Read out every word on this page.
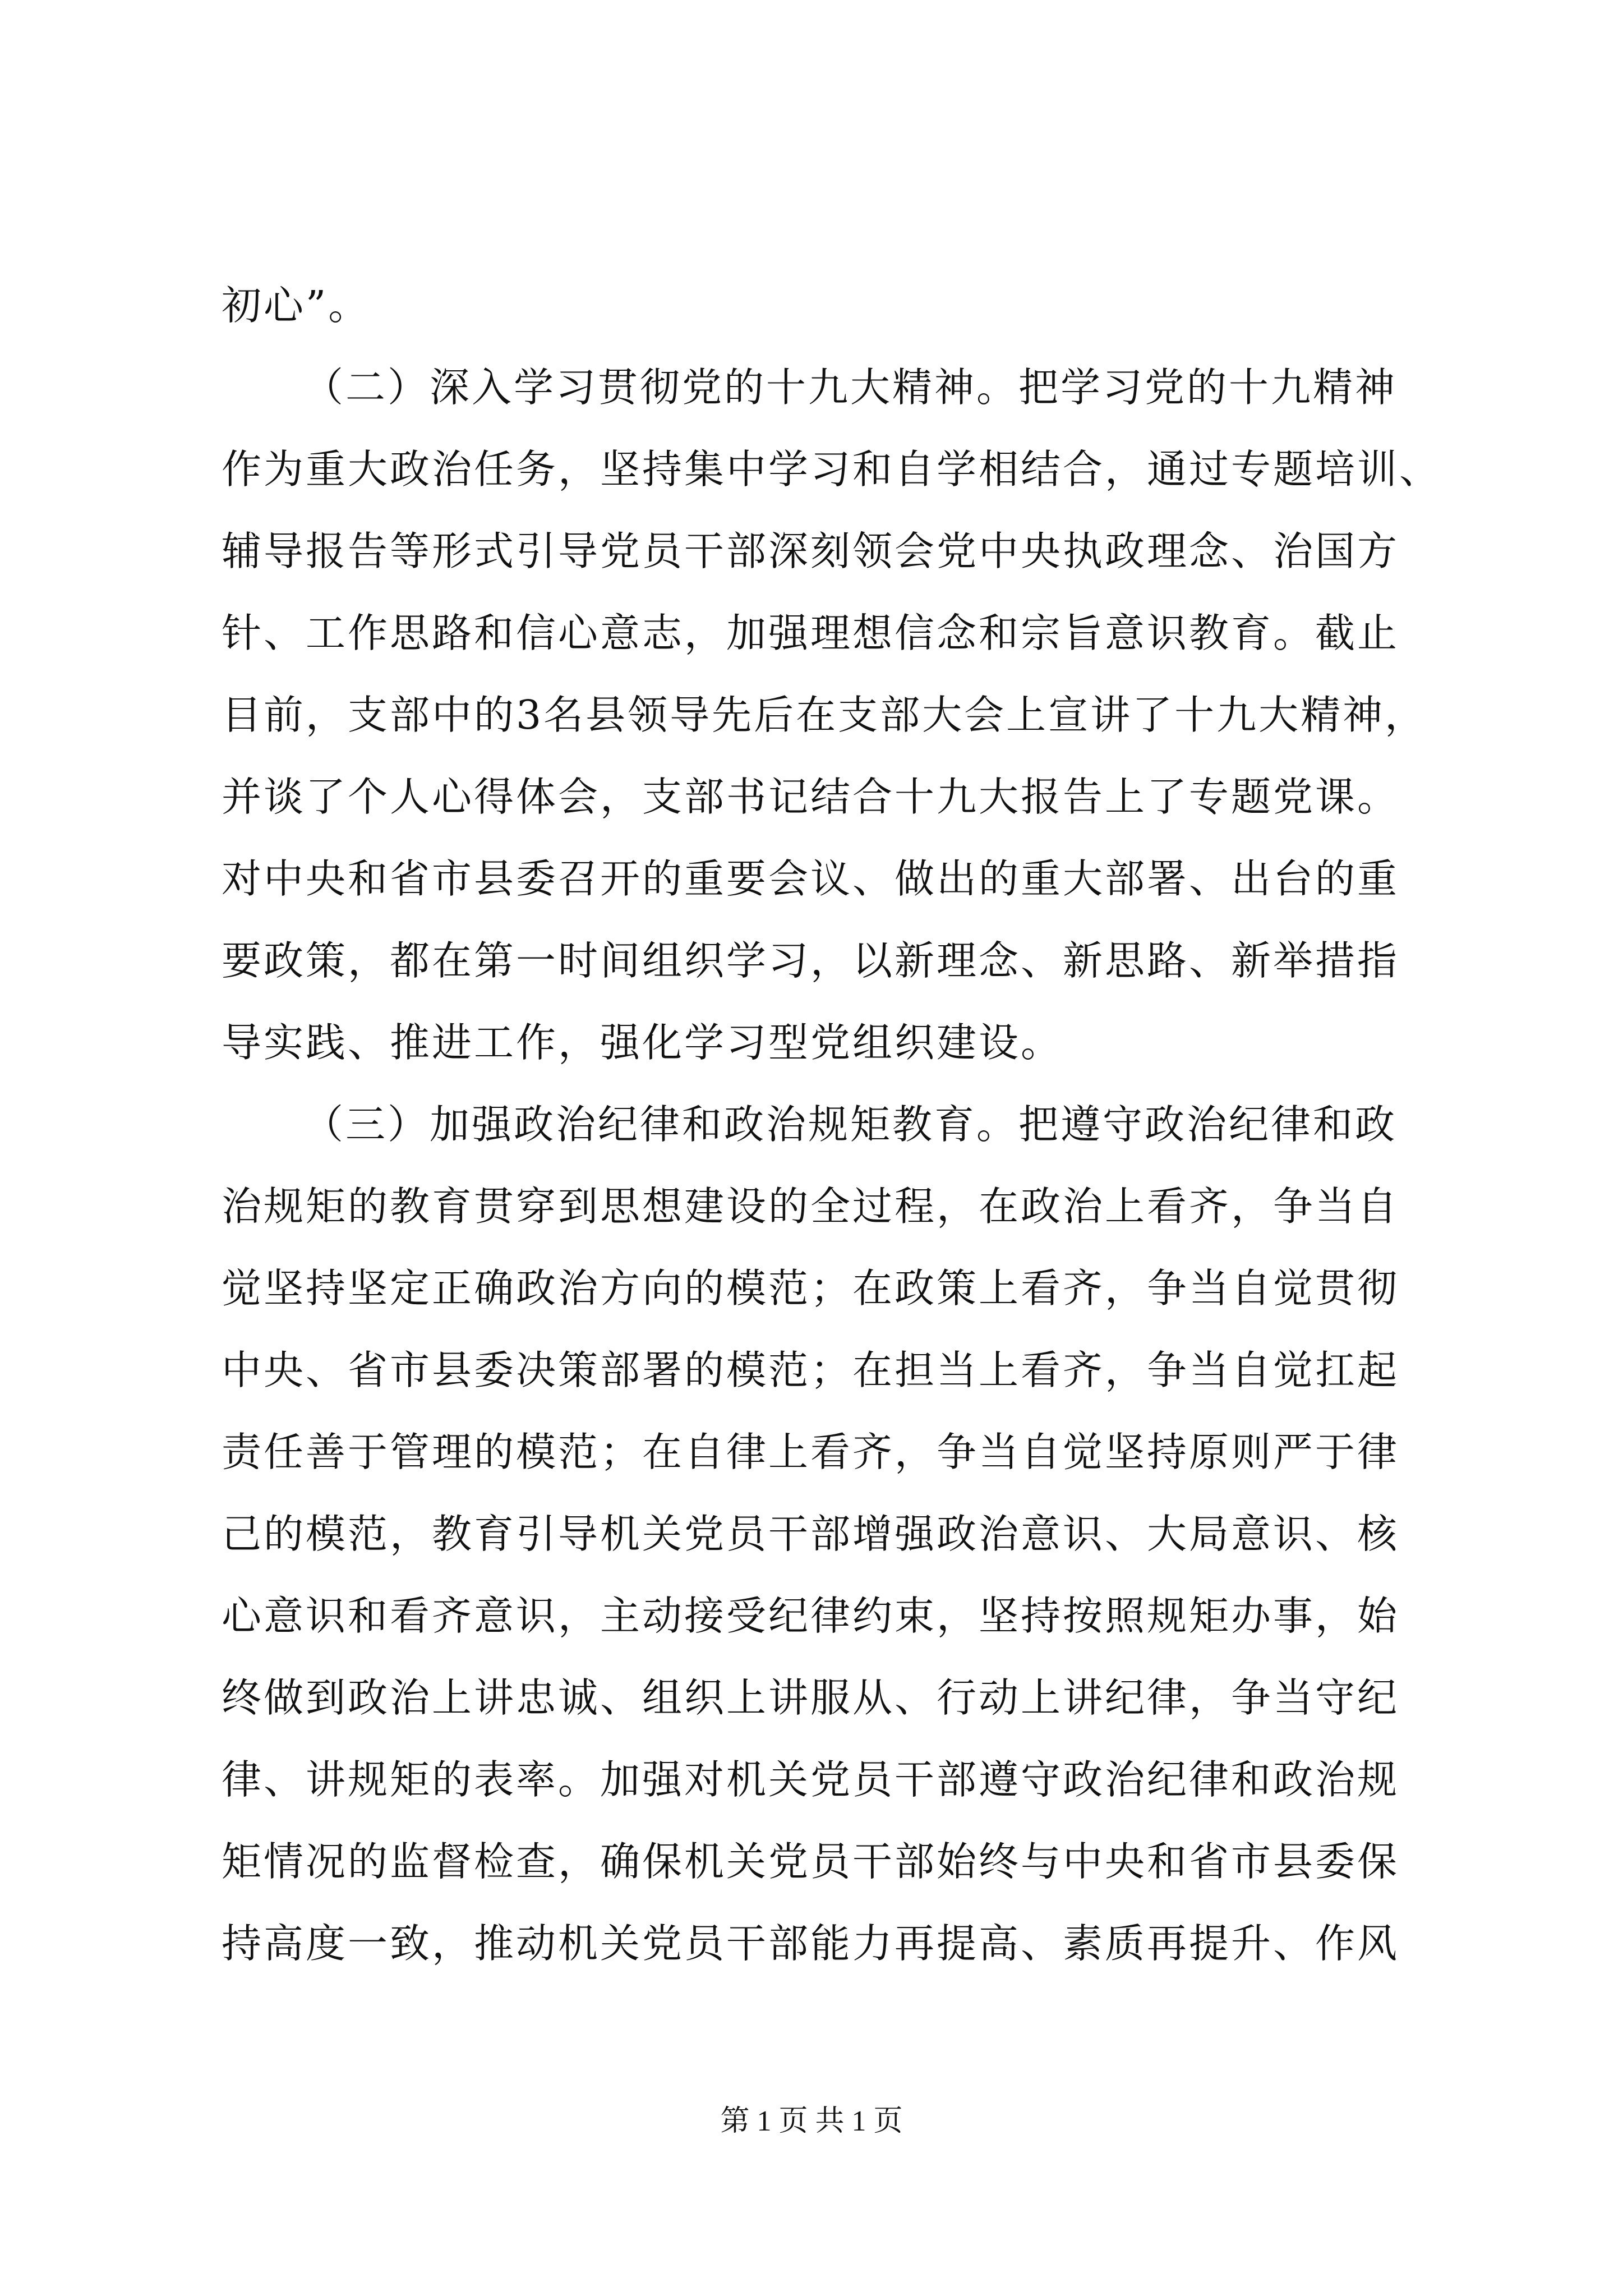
初心”。
（二）深入学习贯彻党的十九大精神。把学习党的十九精神
作为重大政治任务，坚持集中学习和自学相结合，通过专题培训、
辅导报告等形式引导党员干部深刻领会党中央执政理念、治国方
针、工作思路和信心意志，加强理想信念和宗旨意识教育。截止
目前，支部中的3名县领导先后在支部大会上宣讲了十九大精神，
并谈了个人心得体会，支部书记结合十九大报告上了专题党课。
对中央和省市县委召开的重要会议、做出的重大部署、出台的重
要政策，都在第一时间组织学习，以新理念、新思路、新举措指
导实践、推进工作，强化学习型党组织建设。
（三）加强政治纪律和政治规矩教育。把遵守政治纪律和政
治规矩的教育贯穿到思想建设的全过程，在政治上看齐，争当自
觉坚持坚定正确政治方向的模范；在政策上看齐，争当自觉贯彻
中央、省市县委决策部署的模范；在担当上看齐，争当自觉扛起
责任善于管理的模范；在自律上看齐，争当自觉坚持原则严于律
己的模范，教育引导机关党员干部增强政治意识、大局意识、核
心意识和看齐意识，主动接受纪律约束，坚持按照规矩办事，始
终做到政治上讲忠诚、组织上讲服从、行动上讲纪律，争当守纪
律、讲规矩的表率。加强对机关党员干部遵守政治纪律和政治规
矩情况的监督检查，确保机关党员干部始终与中央和省市县委保
持高度一致，推动机关党员干部能力再提高、素质再提升、作风
第 1 页 共 1 页
